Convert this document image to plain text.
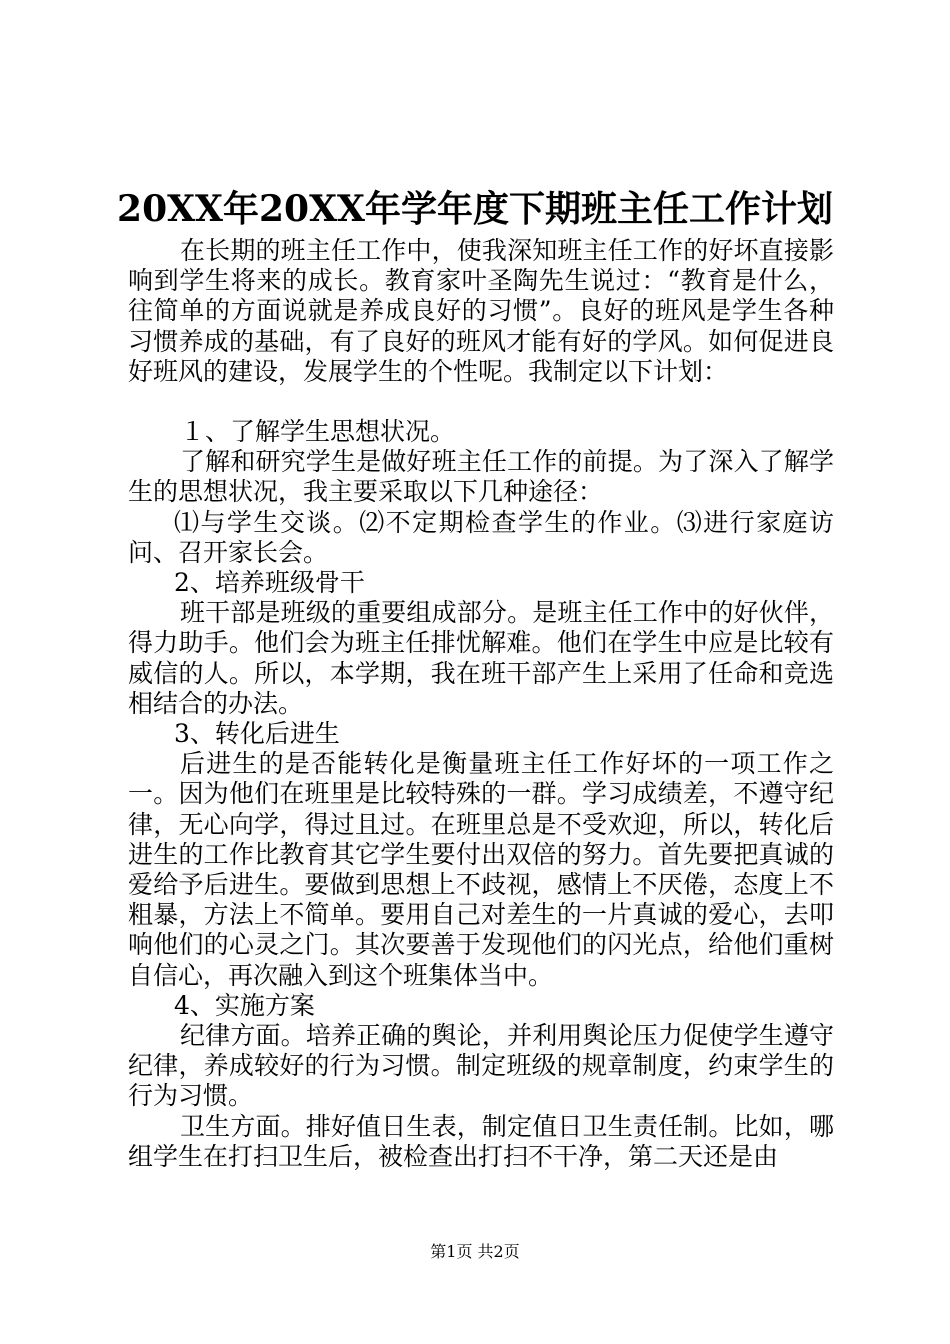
20XX年20XX年学年度下期班主任工作计划

在长期的班主任工作中，使我深知班主任工作的好坏直接影响到学生将来的成长。教育家叶圣陶先生说过：“教育是什么，往简单的方面说就是养成良好的习惯”。良好的班风是学生各种习惯养成的基础，有了良好的班风才能有好的学风。如何促进良好班风的建设，发展学生的个性呢。我制定以下计划：

１、了解学生思想状况。

了解和研究学生是做好班主任工作的前提。为了深入了解学生的思想状况，我主要采取以下几种途径：

⑴与学生交谈。⑵不定期检查学生的作业。⑶进行家庭访问、召开家长会。

2、培养班级骨干

班干部是班级的重要组成部分。是班主任工作中的好伙伴，得力助手。他们会为班主任排忧解难。他们在学生中应是比较有威信的人。所以，本学期，我在班干部产生上采用了任命和竞选相结合的办法。

3、转化后进生

后进生的是否能转化是衡量班主任工作好坏的一项工作之一。因为他们在班里是比较特殊的一群。学习成绩差，不遵守纪律，无心向学，得过且过。在班里总是不受欢迎，所以，转化后进生的工作比教育其它学生要付出双倍的努力。首先要把真诚的爱给予后进生。要做到思想上不歧视，感情上不厌倦，态度上不粗暴，方法上不简单。要用自己对差生的一片真诚的爱心，去叩响他们的心灵之门。其次要善于发现他们的闪光点，给他们重树自信心，再次融入到这个班集体当中。

4、实施方案

纪律方面。培养正确的舆论，并利用舆论压力促使学生遵守纪律，养成较好的行为习惯。制定班级的规章制度，约束学生的行为习惯。

卫生方面。排好值日生表，制定值日卫生责任制。比如，哪组学生在打扫卫生后，被检查出打扫不干净，第二天还是由

第1页 共2页
